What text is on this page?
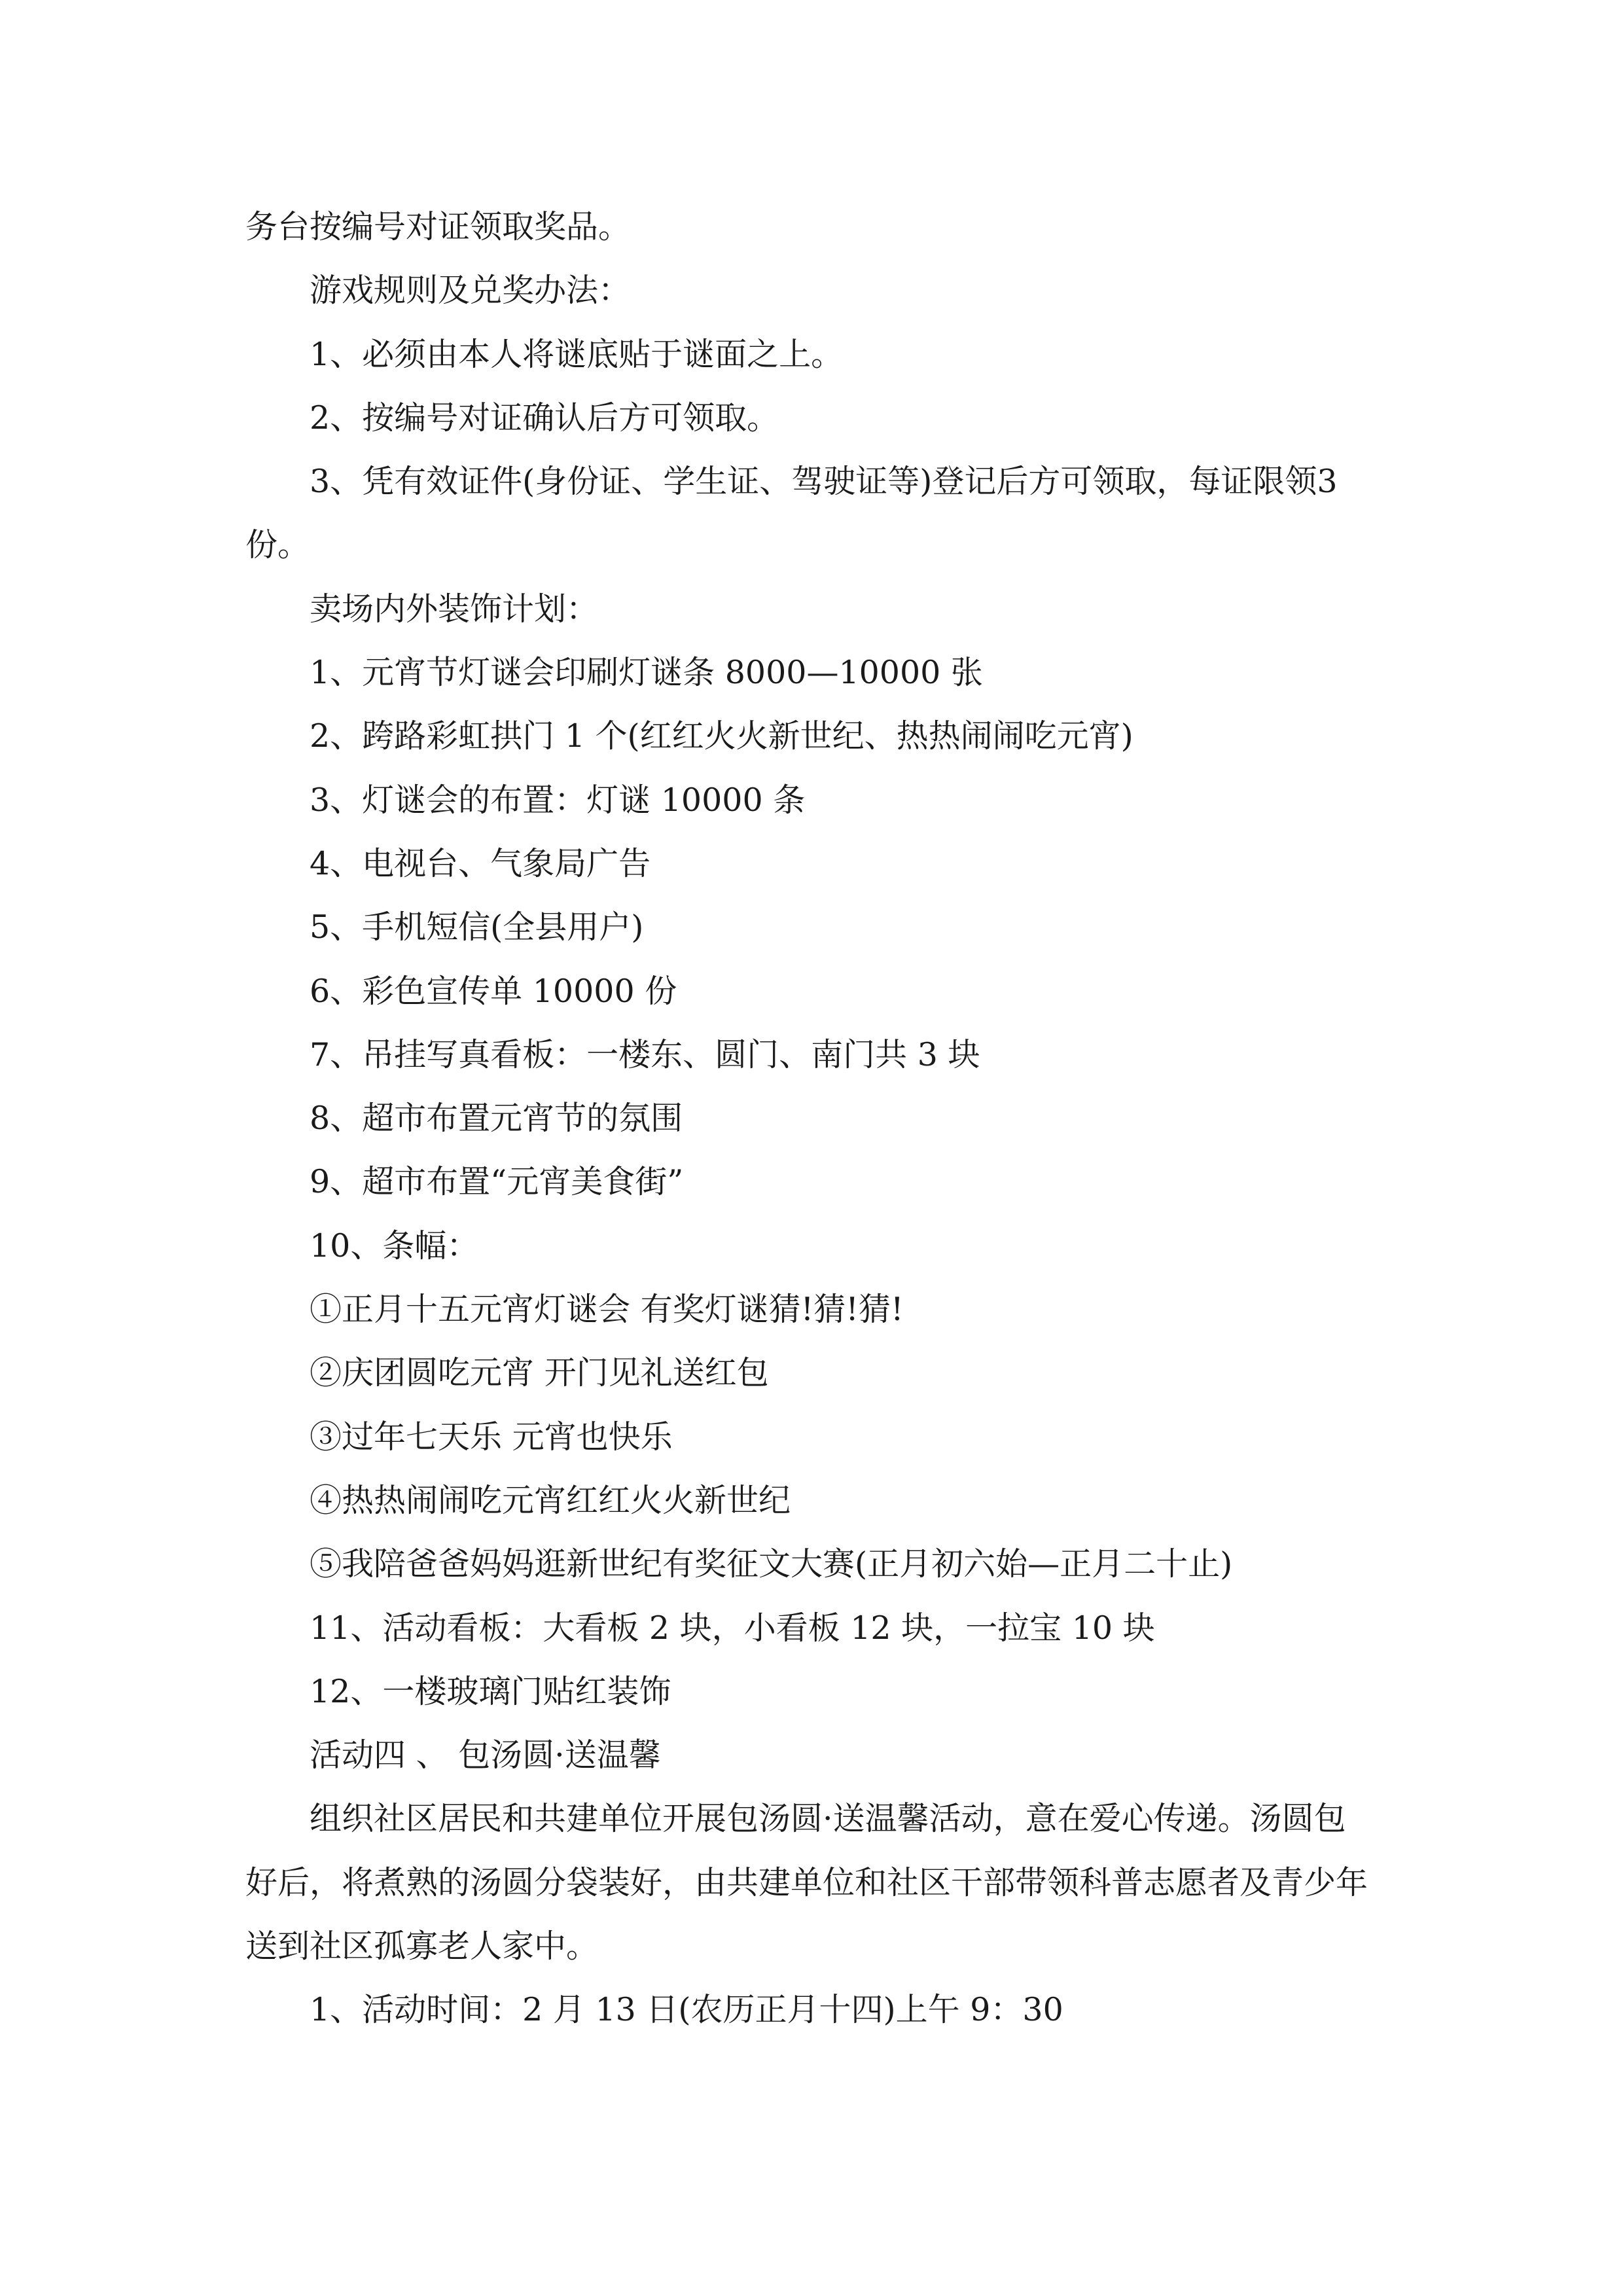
务台按编号对证领取奖品。

游戏规则及兑奖办法：

1、必须由本人将谜底贴于谜面之上。

2、按编号对证确认后方可领取。

3、凭有效证件(身份证、学生证、驾驶证等)登记后方可领取，每证限领3份。

卖场内外装饰计划：

1、元宵节灯谜会印刷灯谜条 8000—10000 张

2、跨路彩虹拱门 1 个(红红火火新世纪、热热闹闹吃元宵)

3、灯谜会的布置：灯谜 10000 条

4、电视台、气象局广告

5、手机短信(全县用户)

6、彩色宣传单 10000 份

7、吊挂写真看板：一楼东、圆门、南门共 3 块

8、超市布置元宵节的氛围

9、超市布置“元宵美食街”

10、条幅：

①正月十五元宵灯谜会 有奖灯谜猜!猜!猜!

②庆团圆吃元宵 开门见礼送红包

③过年七天乐 元宵也快乐

④热热闹闹吃元宵红红火火新世纪

⑤我陪爸爸妈妈逛新世纪有奖征文大赛(正月初六始—正月二十止)

11、活动看板：大看板 2 块，小看板 12 块，一拉宝 10 块

12、一楼玻璃门贴红装饰

活动四 、 包汤圆·送温馨

组织社区居民和共建单位开展包汤圆·送温馨活动，意在爱心传递。汤圆包好后，将煮熟的汤圆分袋装好，由共建单位和社区干部带领科普志愿者及青少年送到社区孤寡老人家中。

1、活动时间：2 月 13 日(农历正月十四)上午 9：30
